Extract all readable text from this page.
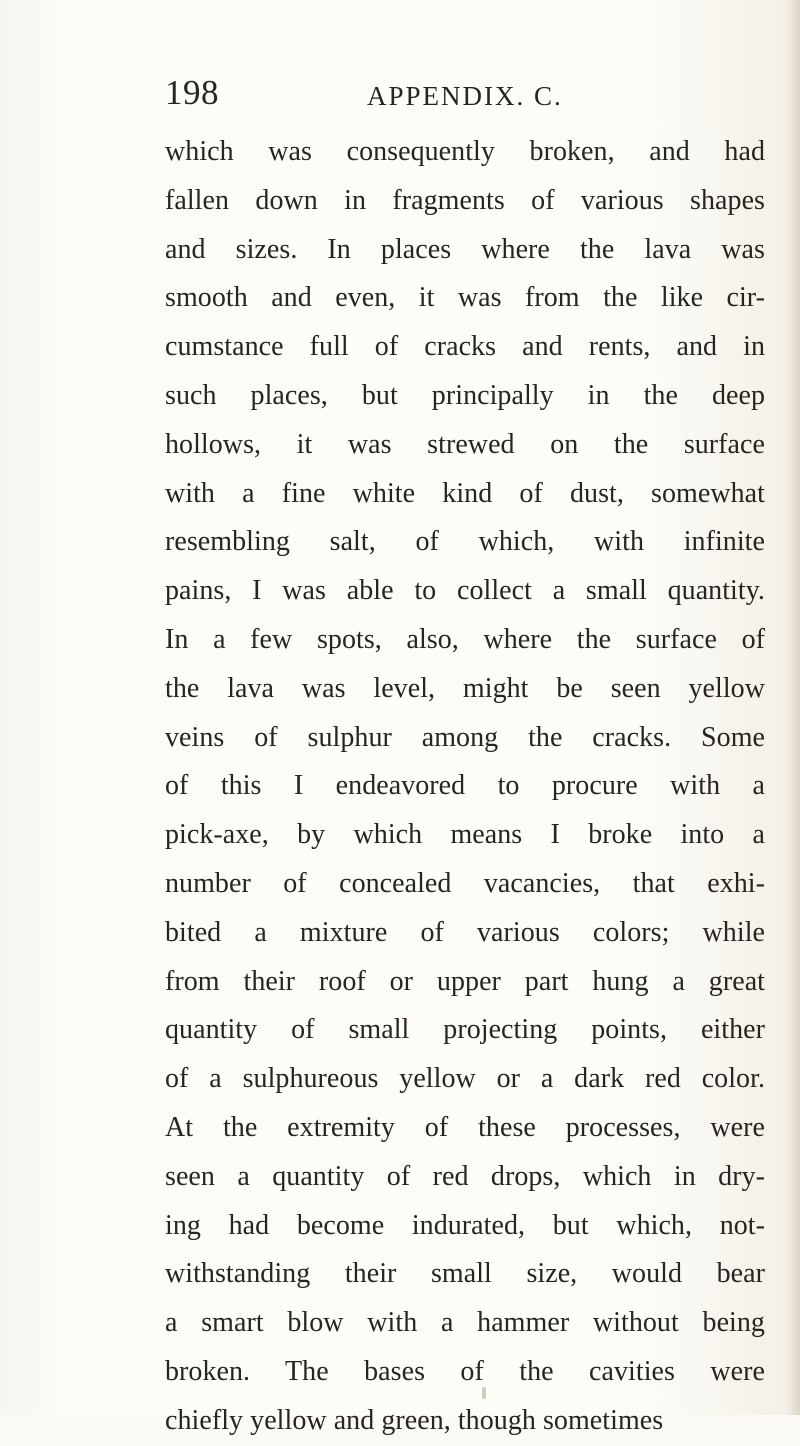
198	APPENDIX. C.
which was consequently broken, and had
fallen down in fragments of various shapes
and sizes. In places where the lava was
smooth and even, it was from the like cir-
cumstance full of cracks and rents, and in
such places, but principally in the deep
hollows, it was strewed on the surface
with a fine white kind of dust, somewhat
resembling salt, of which, with infinite
pains, I was able to collect a small quantity.
In a few spots, also, where the surface of
the lava was level, might be seen yellow
veins of sulphur among the cracks. Some
of this I endeavored to procure with a
pick-axe, by which means I broke into a
number of concealed vacancies, that exhi-
bited a mixture of various colors; while
from their roof or upper part hung a great
quantity of small projecting points, either
of a sulphureous yellow or a dark red color.
At the extremity of these processes, were
seen a quantity of red drops, which in dry-
ing had become indurated, but which, not-
withstanding their small size, would bear
a smart blow with a hammer without being
broken. The bases of the cavities were
chiefly yellow and green, though sometimes
